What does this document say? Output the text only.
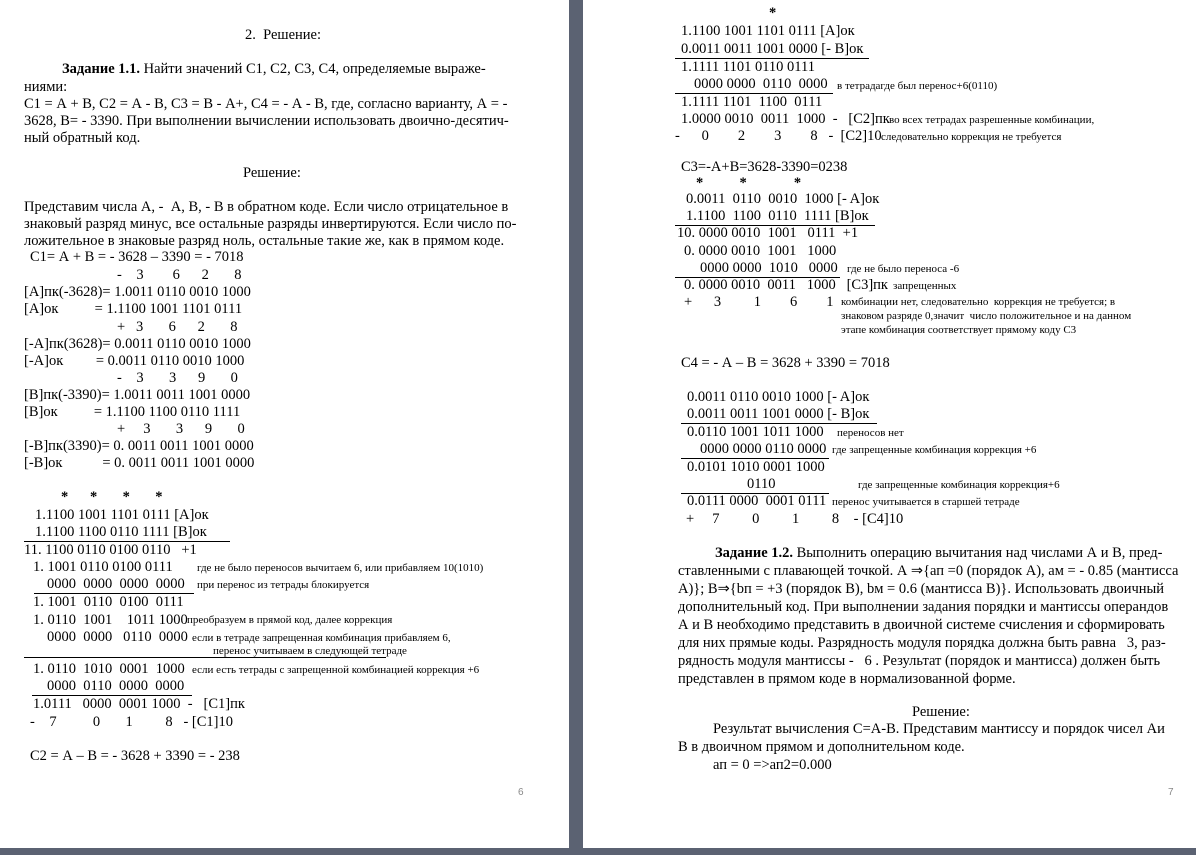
2.  Решение:
Задание 1.1. Найти значений С1, С2, С3, С4, определяемые выраже-
ниями:
С1 = А + В, С2 = А - В, С3 = В - А+, С4 = - А - В, где, согласно варианту, А = -
3628, В= - 3390. При выполнении вычислении использовать двоично-десятич-
ный обратный код.
Решение:
Представим числа А, -  А, В, - В в обратном коде. Если число отрицательное в
знаковый разряд минус, все остальные разряды инвертируются. Если число по-
ложительное в знаковые разряд ноль, остальные такие же, как в прямом коде.
С1= А + В = - 3628 – 3390 = - 7018
-    3        6      2       8
[A]пк(-3628)= 1.0011 0110 0010 1000
[A]ок          = 1.1100 1001 1101 0111
+   3       6      2       8
[-A]пк(3628)= 0.0011 0110 0010 1000
[-A]ок         = 0.0011 0110 0010 1000
-    3       3      9       0
[B]пк(-3390)= 1.0011 0011 1001 0000
[B]ок          = 1.1100 1100 0110 1111
+     3       3      9       0
[-B]пк(3390)= 0. 0011 0011 1001 0000
[-B]ок           = 0. 0011 0011 1001 0000
*      *       *       *
1.1100 1001 1101 0111 [A]ок
1.1100 1100 0110 1111 [B]ок
11. 1100 0110 0100 0110   +1
1. 1001 0110 0100 0111 где не было переносов вычитаем 6, или прибавляем 10(1010)
0000  0000  0000  0000 при перенос из тетрады блокируется
1. 1001  0110  0100  0111
1. 0110  1001    1011 1000 преобразуем в прямой код, далее коррекция
0000  0000   0110  0000 если в тетраде запрещенная комбинация прибавляем 6,
перенос учитываем в следующей тетраде
1. 0110  1010  0001  1000 если есть тетрады с запрещенной комбинацией коррекция +6
0000  0110  0000  0000
1.0111   0000  0001 1000  -   [C1]пк
-    7          0       1         8   - [C1]10
С2 = А – В = - 3628 + 3390 = - 238
6
*
1.1100 1001 1101 0111 [A]ок
0.0011 0011 1001 0000 [- B]ок
1.1111 1101 0110 0111
0000 0000  0110  0000 в тетрадагде был перенос+6(0110)
1.1111 1101  1100  0111
1.0000 0010  0011  1000  -   [C2]пк во всех тетрадах разрешенные комбинации,
-      0        2        3        8   -  [C2]10 следовательно коррекция не требуется
С3=-А+В=3628-3390=0238
*          *             *
0.0011  0110  0010  1000 [- A]ок
1.1100  1100  0110  1111 [B]ок
10. 0000 0010  1001   0111  +1
0. 0000 0010  1001   1000
0000 0000  1010   0000 где не было переноса -6
0. 0000 0010  0011   1000   [C3]пк запрещенных
+      3         1        6        1 комбинации нет, следовательно  коррекция не требуется; в
знаковом разряде 0,значит  число положительное и на данном
этапе комбинация соответствует прямому коду С3
С4 = - А – В = 3628 + 3390 = 7018
0.0011 0110 0010 1000 [- A]ок
0.0011 0011 1001 0000 [- B]ок
0.0110 1001 1011 1000 переносов нет
0000 0000 0110 0000 где запрещенные комбинация коррекция +6
0.0101 1010 0001 1000
0110	где запрещенные комбинация коррекция+6
0.0111 0000  0001 0111 перенос учитывается в старшей тетраде
+     7         0         1         8    - [C4]10
Задание 1.2. Выполнить операцию вычитания над числами А и В, пред-
ставленными с плавающей точкой. А ⇒{ап =0 (порядок А), ам = - 0.85 (мантисса
А)}; В⇒{bп = +3 (порядок В), bм = 0.6 (мантисса В)}. Использовать двоичный
дополнительный код. При выполнении задания порядки и мантиссы операндов
А и В необходимо представить в двоичной системе счисления и сформировать
для них прямые коды. Разрядность модуля порядка должна быть равна   3, раз-
рядность модуля мантиссы -   6 . Результат (порядок и мантисса) должен быть
представлен в прямом коде в нормализованной форме.
Решение:
Результат вычисления С=А-В. Представим мантиссу и порядок чисел Аи
В в двоичном прямом и дополнительном коде.
ап = 0 =>ап2=0.000
7
